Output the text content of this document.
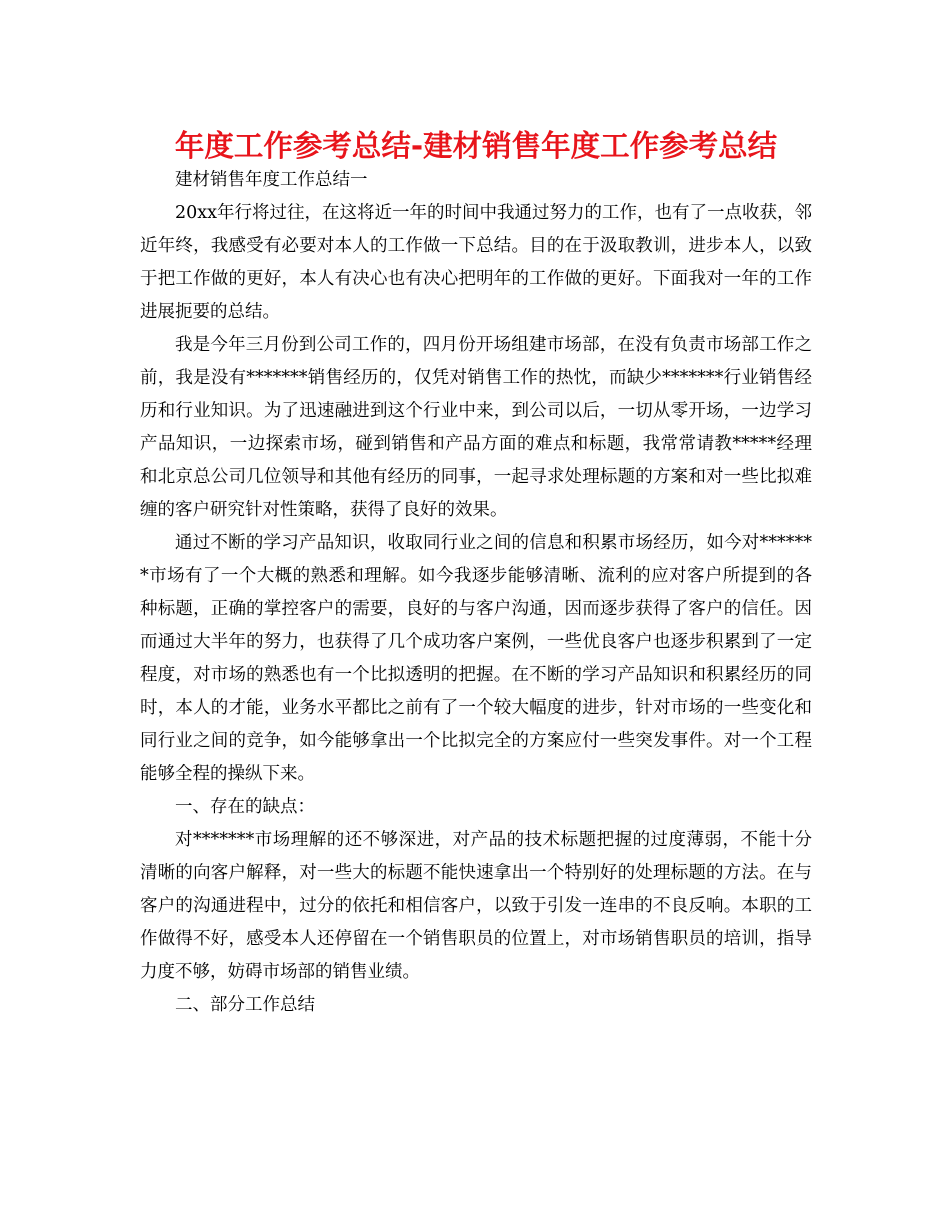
年度工作参考总结-建材销售年度工作参考总结

建材销售年度工作总结一

20xx年行将过往，在这将近一年的时间中我通过努力的工作，也有了一点收获，邻近年终，我感受有必要对本人的工作做一下总结。目的在于汲取教训，进步本人，以致于把工作做的更好，本人有决心也有决心把明年的工作做的更好。下面我对一年的工作进展扼要的总结。

我是今年三月份到公司工作的，四月份开场组建市场部，在没有负责市场部工作之前，我是没有*******销售经历的，仅凭对销售工作的热忱，而缺少*******行业销售经历和行业知识。为了迅速融进到这个行业中来，到公司以后，一切从零开场，一边学习产品知识，一边探索市场，碰到销售和产品方面的难点和标题，我常常请教*****经理和北京总公司几位领导和其他有经历的同事，一起寻求处理标题的方案和对一些比拟难缠的客户研究针对性策略，获得了良好的效果。

通过不断的学习产品知识，收取同行业之间的信息和积累市场经历，如今对*******市场有了一个大概的熟悉和理解。如今我逐步能够清晰、流利的应对客户所提到的各种标题，正确的掌控客户的需要，良好的与客户沟通，因而逐步获得了客户的信任。因而通过大半年的努力，也获得了几个成功客户案例，一些优良客户也逐步积累到了一定程度，对市场的熟悉也有一个比拟透明的把握。在不断的学习产品知识和积累经历的同时，本人的才能，业务水平都比之前有了一个较大幅度的进步，针对市场的一些变化和同行业之间的竞争，如今能够拿出一个比拟完全的方案应付一些突发事件。对一个工程能够全程的操纵下来。

一、存在的缺点：

对*******市场理解的还不够深进，对产品的技术标题把握的过度薄弱，不能十分清晰的向客户解释，对一些大的标题不能快速拿出一个特别好的处理标题的方法。在与客户的沟通进程中，过分的依托和相信客户，以致于引发一连串的不良反响。本职的工作做得不好，感受本人还停留在一个销售职员的位置上，对市场销售职员的培训，指导力度不够，妨碍市场部的销售业绩。

二、部分工作总结
